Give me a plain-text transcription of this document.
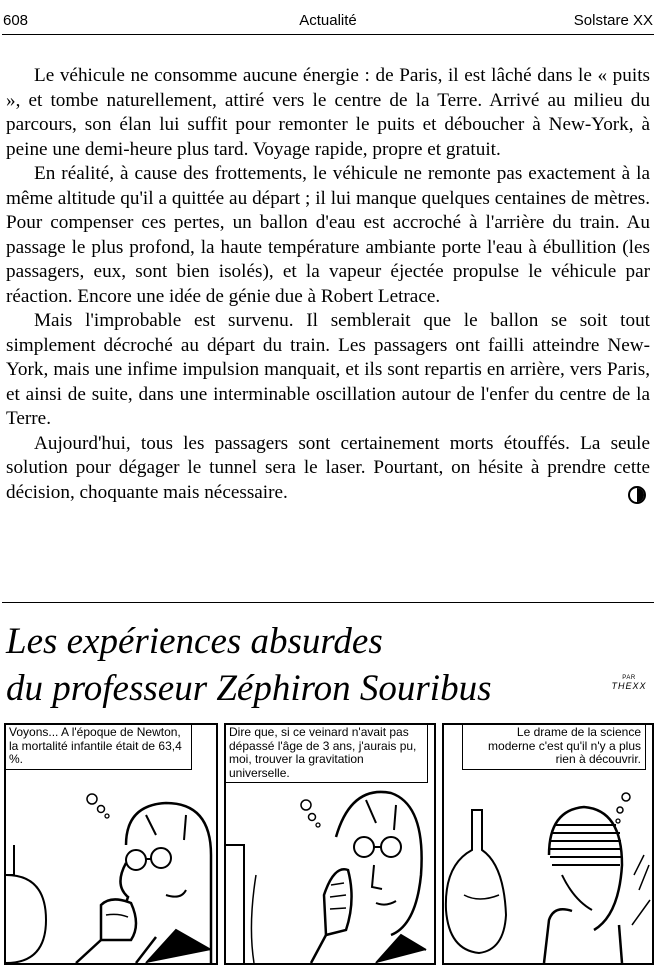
608	Actualité	Solstare XX

Le véhicule ne consomme aucune énergie : de Paris, il est lâché dans le « puits », et tombe naturellement, attiré vers le centre de la Terre. Arrivé au milieu du parcours, son élan lui suffit pour remonter le puits et déboucher à New-York, à peine une demi-heure plus tard. Voyage rapide, propre et gratuit.

En réalité, à cause des frottements, le véhicule ne remonte pas exactement à la même altitude qu'il a quittée au départ ; il lui manque quelques centaines de mètres. Pour compenser ces pertes, un ballon d'eau est accroché à l'arrière du train. Au passage le plus profond, la haute température ambiante porte l'eau à ébullition (les passagers, eux, sont bien isolés), et la vapeur éjectée propulse le véhicule par réaction. Encore une idée de génie due à Robert Letrace.

Mais l'improbable est survenu. Il semblerait que le ballon se soit tout simplement décroché au départ du train. Les passagers ont failli atteindre New-York, mais une infime impulsion manquait, et ils sont repartis en arrière, vers Paris, et ainsi de suite, dans une interminable oscillation autour de l'enfer du centre de la Terre.

Aujourd'hui, tous les passagers sont certainement morts étouffés. La seule solution pour dégager le tunnel sera le laser. Pourtant, on hésite à prendre cette décision, choquante mais nécessaire.

Les expériences absurdes
du professeur Zéphiron Souribus	PAR
THEXX
Voyons... A l'époque de Newton, la mortalité infantile était de 63,4 %.
Dire que, si ce veinard n'avait pas dépassé l'âge de 3 ans, j'aurais pu, moi, trouver la gravitation universelle.
Le drame de la science moderne c'est qu'il n'y a plus rien à découvrir.
